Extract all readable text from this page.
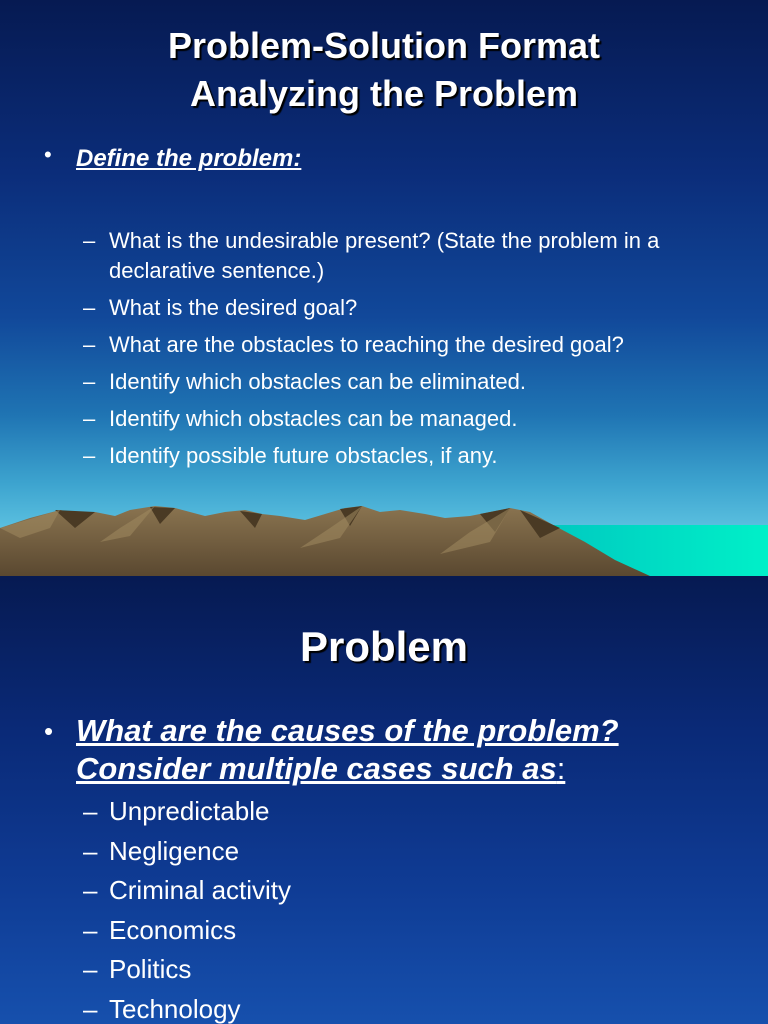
Problem-Solution Format
Analyzing the Problem
• Define the problem:
– What is the undesirable present? (State the problem in a declarative sentence.)
– What is the desired goal?
– What are the obstacles to reaching the desired goal?
– Identify which obstacles can be eliminated.
– Identify which obstacles can be managed.
– Identify possible future obstacles, if any.
Problem
• What are the causes of the problem?
Consider multiple cases such as:
– Unpredictable
– Negligence
– Criminal activity
– Economics
– Politics
– Technology
